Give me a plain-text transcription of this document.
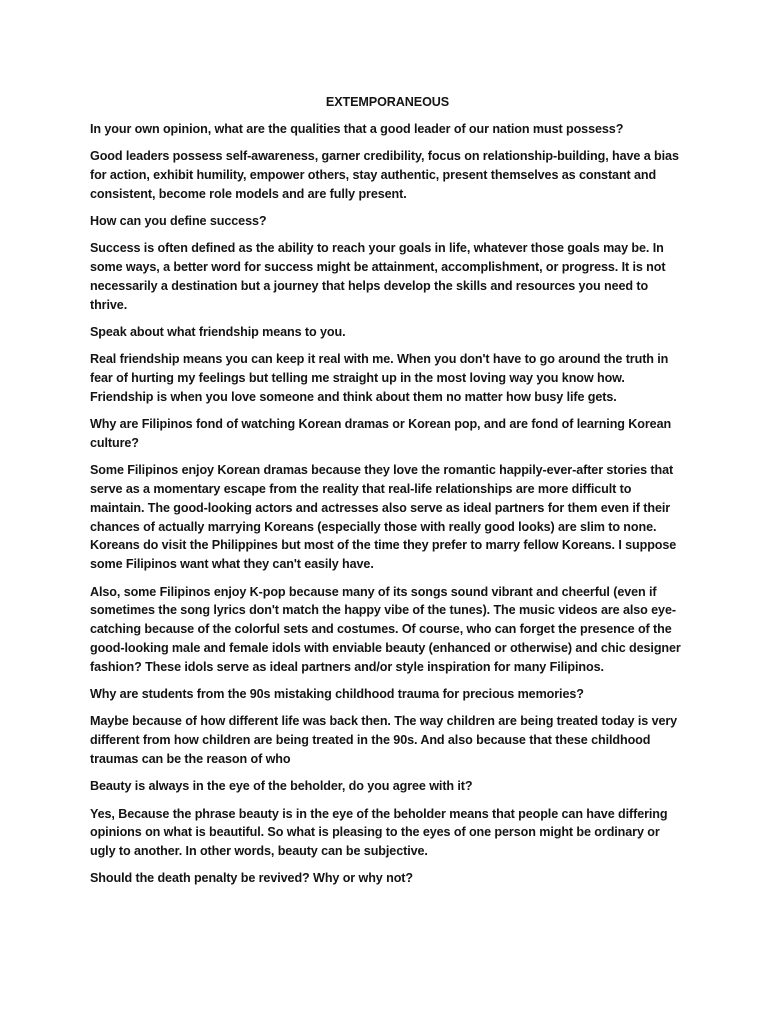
EXTEMPORANEOUS

In your own opinion, what are the qualities that a good leader of our nation must possess?

Good leaders possess self-awareness, garner credibility, focus on relationship-building, have a bias for action, exhibit humility, empower others, stay authentic, present themselves as constant and consistent, become role models and are fully present.

How can you define success?

Success is often defined as the ability to reach your goals in life, whatever those goals may be. In some ways, a better word for success might be attainment, accomplishment, or progress. It is not necessarily a destination but a journey that helps develop the skills and resources you need to thrive.

Speak about what friendship means to you.

Real friendship means you can keep it real with me. When you don't have to go around the truth in fear of hurting my feelings but telling me straight up in the most loving way you know how. Friendship is when you love someone and think about them no matter how busy life gets.

Why are Filipinos fond of watching Korean dramas or Korean pop, and are fond of learning Korean culture?

Some Filipinos enjoy Korean dramas because they love the romantic happily-ever-after stories that serve as a momentary escape from the reality that real-life relationships are more difficult to maintain. The good-looking actors and actresses also serve as ideal partners for them even if their chances of actually marrying Koreans (especially those with really good looks) are slim to none. Koreans do visit the Philippines but most of the time they prefer to marry fellow Koreans. I suppose some Filipinos want what they can't easily have.

Also, some Filipinos enjoy K-pop because many of its songs sound vibrant and cheerful (even if sometimes the song lyrics don't match the happy vibe of the tunes). The music videos are also eye-catching because of the colorful sets and costumes. Of course, who can forget the presence of the good-looking male and female idols with enviable beauty (enhanced or otherwise) and chic designer fashion? These idols serve as ideal partners and/or style inspiration for many Filipinos.

Why are students from the 90s mistaking childhood trauma for precious memories?

Maybe because of how different life was back then. The way children are being treated today is very different from how children are being treated in the 90s. And also because that these childhood traumas can be the reason of who

Beauty is always in the eye of the beholder, do you agree with it?

Yes, Because the phrase beauty is in the eye of the beholder means that people can have differing opinions on what is beautiful. So what is pleasing to the eyes of one person might be ordinary or ugly to another. In other words, beauty can be subjective.

Should the death penalty be revived? Why or why not?
